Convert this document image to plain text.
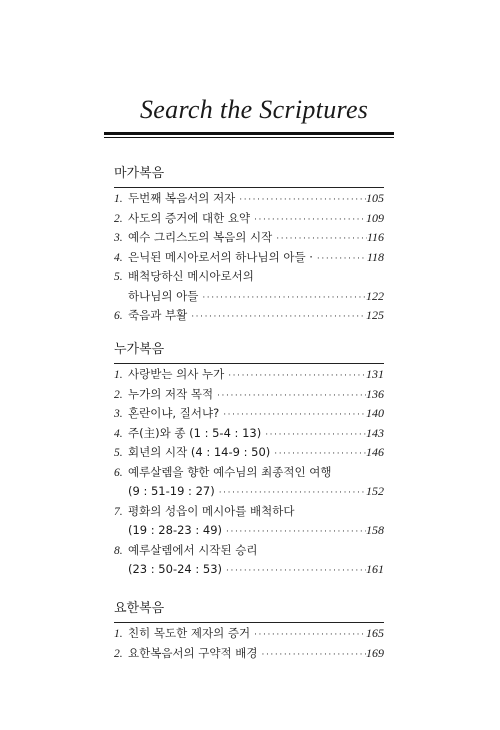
Search the Scriptures
마가복음
1. 두번째 복음서의 저자 ·····	105
2. 사도의 증거에 대한 요약 ·····	109
3. 예수 그리스도의 복음의 시작 ·····	116
4. 은닉된 메시아로서의 하나님의 아들 · ·····	118
5. 배척당하신 메시아로서의
하나님의 아들 ·····	122
6. 죽음과 부활 ·····	125
누가복음
1. 사랑받는 의사 누가 ·····	131
2. 누가의 저작 목적 ·····	136
3. 혼란이냐, 질서냐? ·····	140
4. 주(主)와 종 (1 : 5-4 : 13) ·····	143
5. 회년의 시작 (4 : 14-9 : 50) ·····	146
6. 예루살렘을 향한 예수님의 최종적인 여행
(9 : 51-19 : 27) ·····	152
7. 평화의 성읍이 메시아를 배척하다
(19 : 28-23 : 49) ·····	158
8. 예루살렘에서 시작된 승리
(23 : 50-24 : 53) ·····	161
요한복음
1. 친히 목도한 제자의 증거 ·····	165
2. 요한복음서의 구약적 배경 ·····	169
